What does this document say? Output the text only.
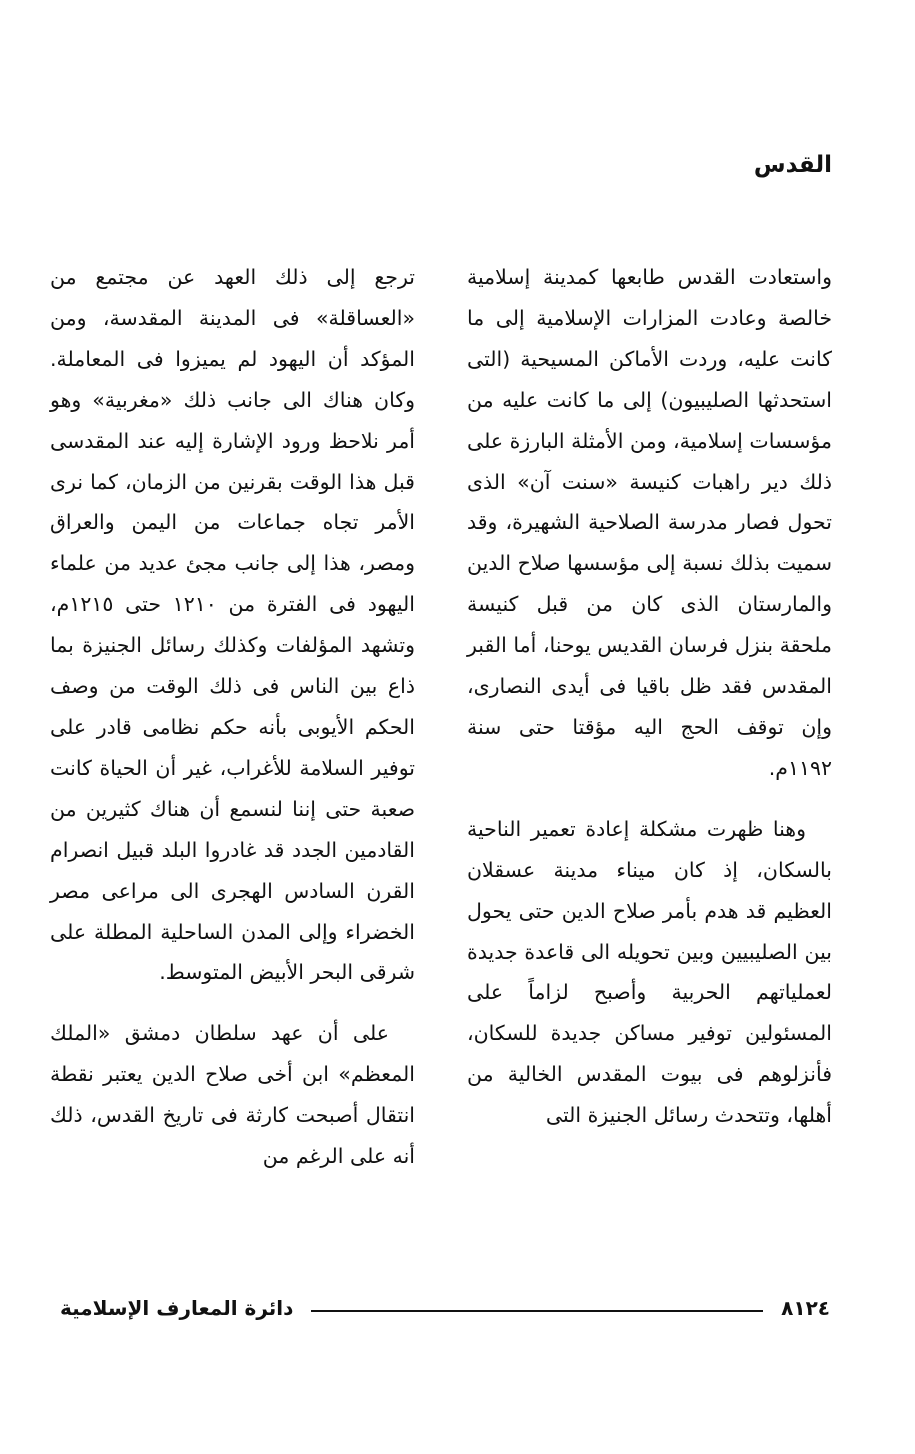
القدس

واستعادت القدس طابعها كمدينة إسلامية خالصة وعادت المزارات الإسلامية إلى ما كانت عليه، وردت الأماكن المسيحية (التى استحدثها الصليبيون) إلى ما كانت عليه من مؤسسات إسلامية، ومن الأمثلة البارزة على ذلك دير راهبات كنيسة «سنت آن» الذى تحول فصار مدرسة الصلاحية الشهيرة، وقد سميت بذلك نسبة إلى مؤسسها صلاح الدين والمارستان الذى كان من قبل كنيسة ملحقة بنزل فرسان القديس يوحنا، أما القبر المقدس فقد ظل باقيا فى أيدى النصارى، وإن توقف الحج اليه مؤقتا حتى سنة ١١٩٢م.

وهنا ظهرت مشكلة إعادة تعمير الناحية بالسكان، إذ كان ميناء مدينة عسقلان العظيم قد هدم بأمر صلاح الدين حتى يحول بين الصليبيين وبين تحويله الى قاعدة جديدة لعملياتهم الحربية وأصبح لزاماً على المسئولين توفير مساكن جديدة للسكان، فأنزلوهم فى بيوت المقدس الخالية من أهلها، وتتحدث رسائل الجنيزة التى

ترجع إلى ذلك العهد عن مجتمع من «العساقلة» فى المدينة المقدسة، ومن المؤكد أن اليهود لم يميزوا فى المعاملة. وكان هناك الى جانب ذلك «مغربية» وهو أمر نلاحظ ورود الإشارة إليه عند المقدسى قبل هذا الوقت بقرنين من الزمان، كما نرى الأمر تجاه جماعات من اليمن والعراق ومصر، هذا إلى جانب مجئ عديد من علماء اليهود فى الفترة من ١٢١٠ حتى ١٢١٥م، وتشهد المؤلفات وكذلك رسائل الجنيزة بما ذاع بين الناس فى ذلك الوقت من وصف الحكم الأيوبى بأنه حكم نظامى قادر على توفير السلامة للأغراب، غير أن الحياة كانت صعبة حتى إننا لنسمع أن هناك كثيرين من القادمين الجدد قد غادروا البلد قبيل انصرام القرن السادس الهجرى الى مراعى مصر الخضراء وإلى المدن الساحلية المطلة على شرقى البحر الأبيض المتوسط.

على أن عهد سلطان دمشق «الملك المعظم» ابن أخى صلاح الدين يعتبر نقطة انتقال أصبحت كارثة فى تاريخ القدس، ذلك أنه على الرغم من

دائرة المعارف الإسلامية	٨١٢٤
